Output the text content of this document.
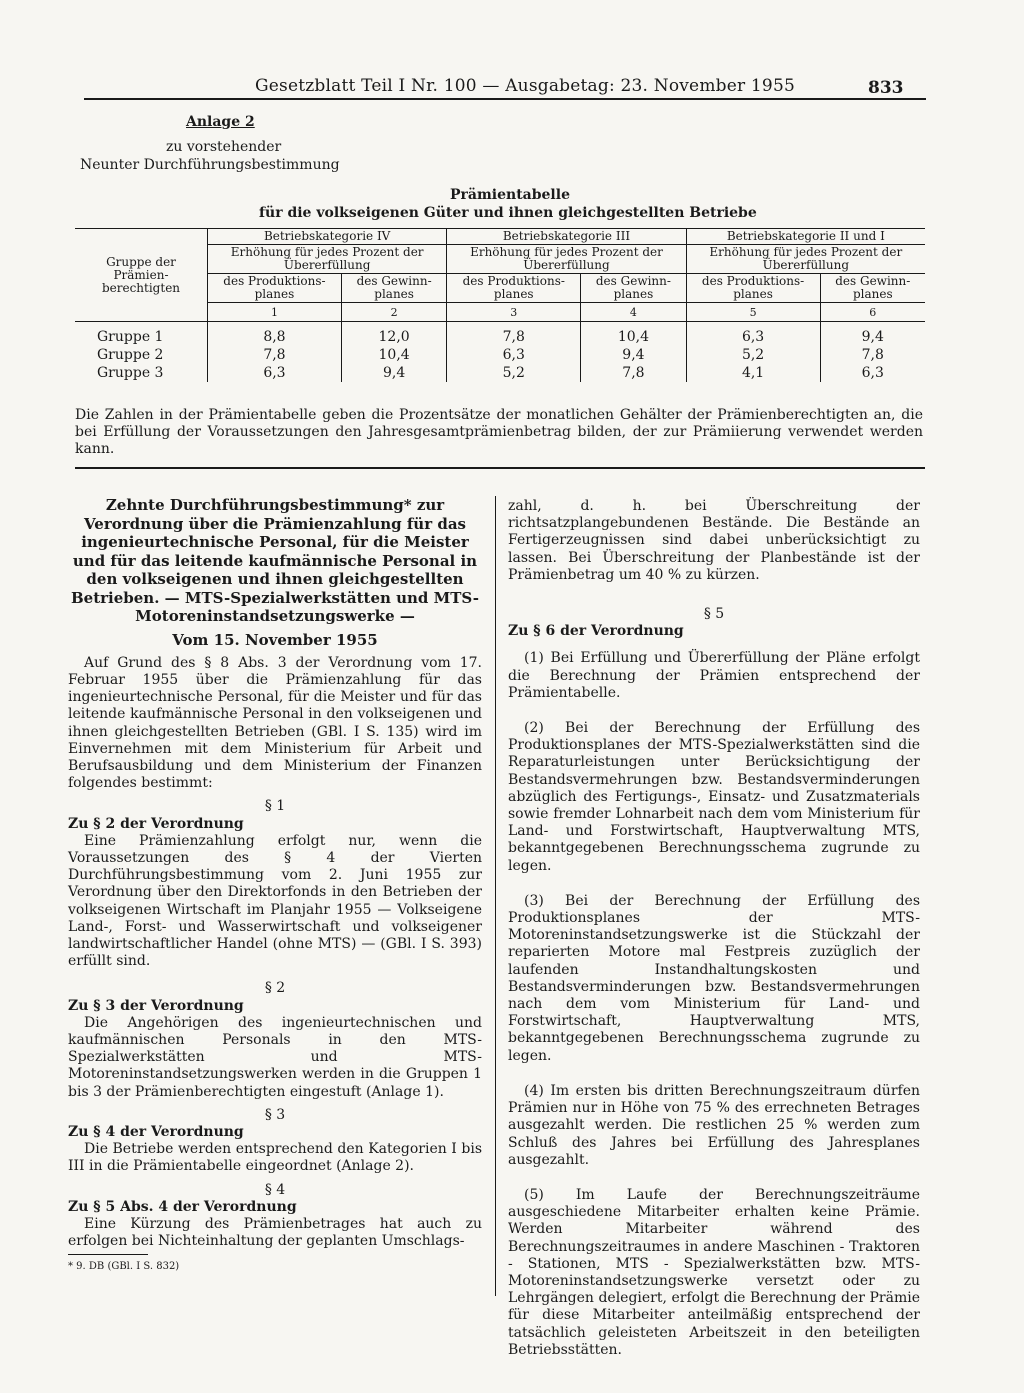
Gesetzblatt Teil I Nr. 100 — Ausgabetag: 23. November 1955	833
Anlage 2
zu vorstehender
Neunter Durchführungsbestimmung
Prämientabelle
für die volkseigenen Güter und ihnen gleichgestellten Betriebe
Gruppe der Prämien-berechtigten	Betriebskategorie IV		Betriebskategorie III		Betriebskategorie II und I	
	Erhöhung für jedes Prozent der Übererfüllung		Erhöhung für jedes Prozent der Übererfüllung		Erhöhung für jedes Prozent der Übererfüllung	
	des Produktions-planes	des Gewinn-planes	des Produktions-planes	des Gewinn-planes	des Produktions-planes	des Gewinn-planes
	1	2	3	4	5	6

Gruppe 1	8,8	12,0	7,8	10,4	6,3	9,4
Gruppe 2	7,8	10,4	6,3	9,4	5,2	7,8
Gruppe 3	6,3	9,4	5,2	7,8	4,1	6,3
Die Zahlen in der Prämientabelle geben die Prozentsätze der monatlichen Gehälter der Prämienberechtigten an, die bei Erfüllung der Voraussetzungen den Jahresgesamtprämienbetrag bilden, der zur Prämiierung verwendet werden kann.

Zehnte Durchführungsbestimmung* zur Verordnung über die Prämienzahlung für das ingenieurtechnische Personal, für die Meister und für das leitende kaufmännische Personal in den volkseigenen und ihnen gleichgestellten Betrieben. — MTS-Spezialwerkstätten und MTS-Motoreninstandsetzungswerke —

Vom 15. November 1955

Auf Grund des § 8 Abs. 3 der Verordnung vom 17. Februar 1955 über die Prämienzahlung für das ingenieurtechnische Personal, für die Meister und für das leitende kaufmännische Personal in den volkseigenen und ihnen gleichgestellten Betrieben (GBl. I S. 135) wird im Einvernehmen mit dem Ministerium für Arbeit und Berufsausbildung und dem Ministerium der Finanzen folgendes bestimmt:

§ 1

Zu § 2 der Verordnung

Eine Prämienzahlung erfolgt nur, wenn die Voraussetzungen des § 4 der Vierten Durchführungsbestimmung vom 2. Juni 1955 zur Verordnung über den Direktorfonds in den Betrieben der volkseigenen Wirtschaft im Planjahr 1955 — Volkseigene Land-, Forst- und Wasserwirtschaft und volkseigener landwirtschaftlicher Handel (ohne MTS) — (GBl. I S. 393) erfüllt sind.

§ 2

Zu § 3 der Verordnung

Die Angehörigen des ingenieurtechnischen und kaufmännischen Personals in den MTS-Spezialwerkstätten und MTS-Motoreninstandsetzungswerken werden in die Gruppen 1 bis 3 der Prämienberechtigten eingestuft (Anlage 1).

§ 3

Zu § 4 der Verordnung

Die Betriebe werden entsprechend den Kategorien I bis III in die Prämientabelle eingeordnet (Anlage 2).

§ 4

Zu § 5 Abs. 4 der Verordnung

Eine Kürzung des Prämienbetrages hat auch zu erfolgen bei Nichteinhaltung der geplanten Umschlags-

* 9. DB (GBl. I S. 832)

zahl, d. h. bei Überschreitung der richtsatzplangebundenen Bestände. Die Bestände an Fertigerzeugnissen sind dabei unberücksichtigt zu lassen. Bei Überschreitung der Planbestände ist der Prämienbetrag um 40 % zu kürzen.

§ 5

Zu § 6 der Verordnung

(1) Bei Erfüllung und Übererfüllung der Pläne erfolgt die Berechnung der Prämien entsprechend der Prämientabelle.

(2) Bei der Berechnung der Erfüllung des Produktionsplanes der MTS-Spezialwerkstätten sind die Reparaturleistungen unter Berücksichtigung der Bestandsvermehrungen bzw. Bestandsverminderungen abzüglich des Fertigungs-, Einsatz- und Zusatzmaterials sowie fremder Lohnarbeit nach dem vom Ministerium für Land- und Forstwirtschaft, Hauptverwaltung MTS, bekanntgegebenen Berechnungsschema zugrunde zu legen.

(3) Bei der Berechnung der Erfüllung des Produktionsplanes der MTS-Motoreninstandsetzungswerke ist die Stückzahl der reparierten Motore mal Festpreis zuzüglich der laufenden Instandhaltungskosten und Bestandsverminderungen bzw. Bestandsvermehrungen nach dem vom Ministerium für Land- und Forstwirtschaft, Hauptverwaltung MTS, bekanntgegebenen Berechnungsschema zugrunde zu legen.

(4) Im ersten bis dritten Berechnungszeitraum dürfen Prämien nur in Höhe von 75 % des errechneten Betrages ausgezahlt werden. Die restlichen 25 % werden zum Schluß des Jahres bei Erfüllung des Jahresplanes ausgezahlt.

(5) Im Laufe der Berechnungszeiträume ausgeschiedene Mitarbeiter erhalten keine Prämie. Werden Mitarbeiter während des Berechnungszeitraumes in andere Maschinen - Traktoren - Stationen, MTS - Spezialwerkstätten bzw. MTS-Motoreninstandsetzungswerke versetzt oder zu Lehrgängen delegiert, erfolgt die Berechnung der Prämie für diese Mitarbeiter anteilmäßig entsprechend der tatsächlich geleisteten Arbeitszeit in den beteiligten Betriebsstätten.
